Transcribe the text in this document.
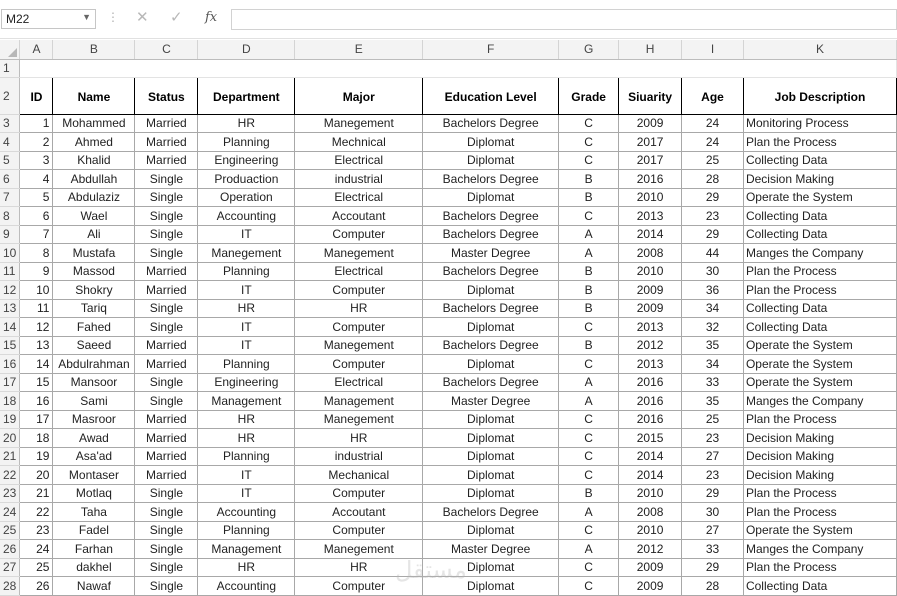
M22	▼ ⋮ ✕ ✓ fx
	A	B	C	D	E	F	G	H	I	K
1										
2	ID	Name	Status	Department	Major	Education Level	Grade	Siuarity	Age	Job Description
3	1	Mohammed	Married	HR	Manegement	Bachelors Degree	C	2009	24	Monitoring Process
4	2	Ahmed	Married	Planning	Mechnical	Diplomat	C	2017	24	Plan the Process
5	3	Khalid	Married	Engineering	Electrical	Diplomat	C	2017	25	Collecting Data
6	4	Abdullah	Single	Produaction	industrial	Bachelors Degree	B	2016	28	Decision Making
7	5	Abdulaziz	Single	Operation	Electrical	Diplomat	B	2010	29	Operate the System
8	6	Wael	Single	Accounting	Accoutant	Bachelors Degree	C	2013	23	Collecting Data
9	7	Ali	Single	IT	Computer	Bachelors Degree	A	2014	29	Collecting Data
10	8	Mustafa	Single	Manegement	Manegement	Master Degree	A	2008	44	Manges the Company
11	9	Massod	Married	Planning	Electrical	Bachelors Degree	B	2010	30	Plan the Process
12	10	Shokry	Married	IT	Computer	Diplomat	B	2009	36	Plan the Process
13	11	Tariq	Single	HR	HR	Bachelors Degree	B	2009	34	Collecting Data
14	12	Fahed	Single	IT	Computer	Diplomat	C	2013	32	Collecting Data
15	13	Saeed	Married	IT	Manegement	Bachelors Degree	B	2012	35	Operate the System
16	14	Abdulrahman	Married	Planning	Computer	Diplomat	C	2013	34	Operate the System
17	15	Mansoor	Single	Engineering	Electrical	Bachelors Degree	A	2016	33	Operate the System
18	16	Sami	Single	Management	Management	Master Degree	A	2016	35	Manges the Company
19	17	Masroor	Married	HR	Manegement	Diplomat	C	2016	25	Plan the Process
20	18	Awad	Married	HR	HR	Diplomat	C	2015	23	Decision Making
21	19	Asa'ad	Married	Planning	industrial	Diplomat	C	2014	27	Decision Making
22	20	Montaser	Married	IT	Mechanical	Diplomat	C	2014	23	Decision Making
23	21	Motlaq	Single	IT	Computer	Diplomat	B	2010	29	Plan the Process
24	22	Taha	Single	Accounting	Accoutant	Bachelors Degree	A	2008	30	Plan the Process
25	23	Fadel	Single	Planning	Computer	Diplomat	C	2010	27	Operate the System
26	24	Farhan	Single	Management	Manegement	Master Degree	A	2012	33	Manges the Company
27	25	dakhel	Single	HR	HR	Diplomat	C	2009	29	Plan the Process
28	26	Nawaf	Single	Accounting	Computer	Diplomat	C	2009	28	Collecting Data
مستقل
